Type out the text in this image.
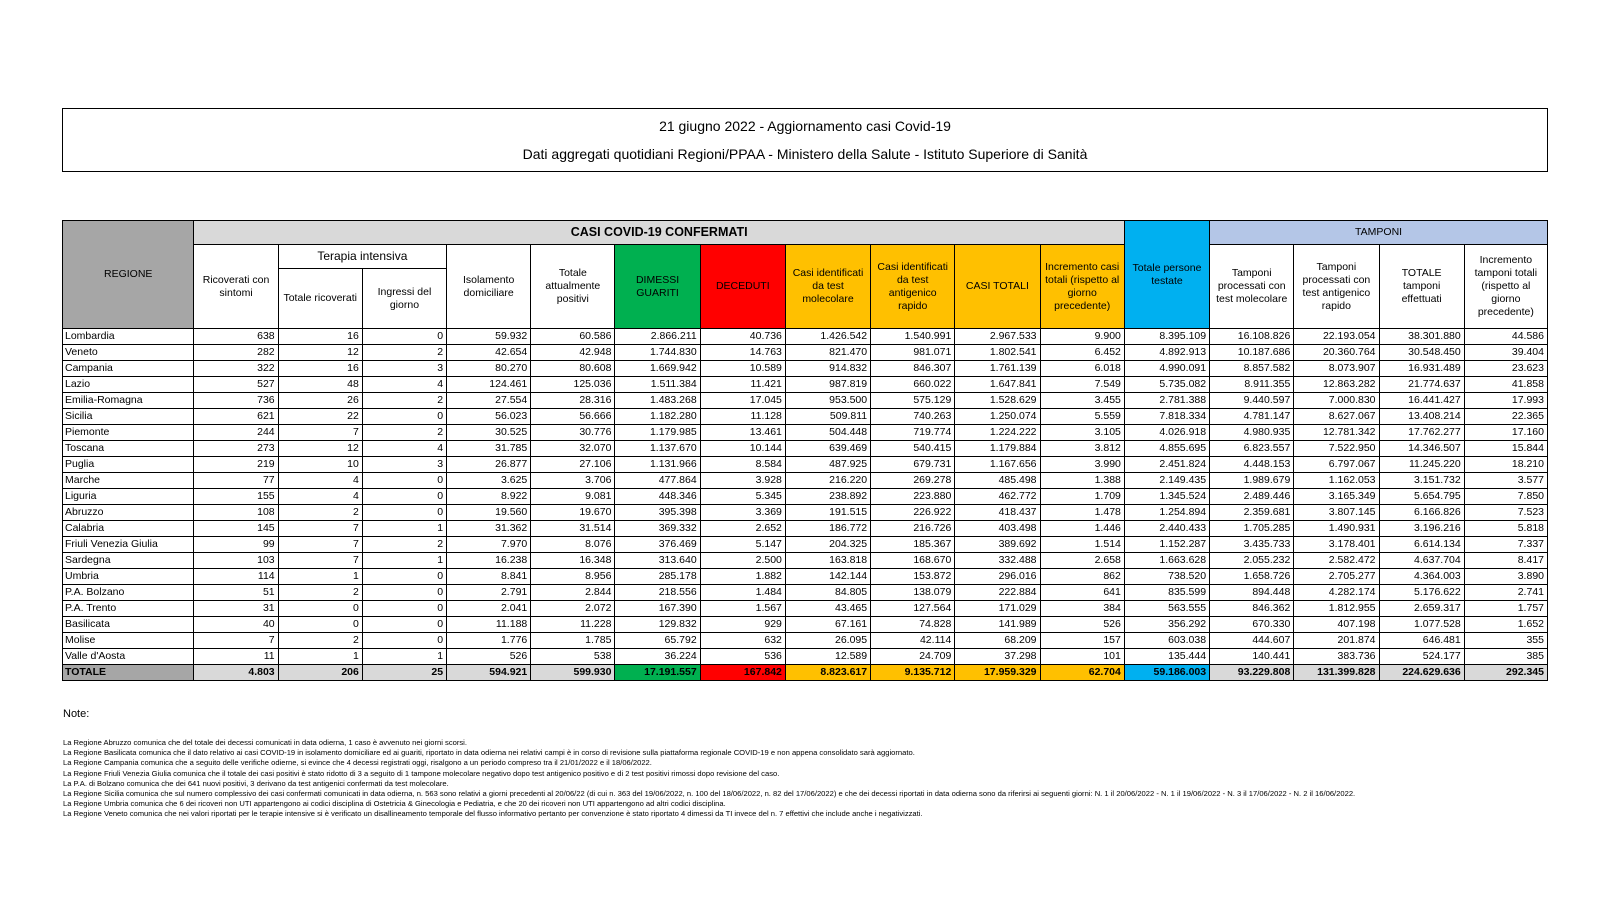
21 giugno 2022 - Aggiornamento casi Covid-19
Dati aggregati quotidiani Regioni/PPAA - Ministero della Salute - Istituto Superiore di Sanità
REGIONE	CASI COVID-19 CONFERMATI											Totale persone testate	TAMPONI			
	Ricoverati con sintomi	Terapia intensiva		Isolamento domiciliare	Totale attualmente positivi	DIMESSI GUARITI	DECEDUTI	Casi identificati da test molecolare	Casi identificati da test antigenico rapido	CASI TOTALI	Incremento casi totali (rispetto al giorno precedente)		Tamponi processati con test molecolare	Tamponi processati con test antigenico rapido	TOTALE tamponi effettuati	Incremento tamponi totali (rispetto al giorno precedente)
		Totale ricoverati	Ingressi del giorno													
Lombardia	638	16	0	59.932	60.586	2.866.211	40.736	1.426.542	1.540.991	2.967.533	9.900	8.395.109	16.108.826	22.193.054	38.301.880	44.586
Veneto	282	12	2	42.654	42.948	1.744.830	14.763	821.470	981.071	1.802.541	6.452	4.892.913	10.187.686	20.360.764	30.548.450	39.404
Campania	322	16	3	80.270	80.608	1.669.942	10.589	914.832	846.307	1.761.139	6.018	4.990.091	8.857.582	8.073.907	16.931.489	23.623
Lazio	527	48	4	124.461	125.036	1.511.384	11.421	987.819	660.022	1.647.841	7.549	5.735.082	8.911.355	12.863.282	21.774.637	41.858
Emilia-Romagna	736	26	2	27.554	28.316	1.483.268	17.045	953.500	575.129	1.528.629	3.455	2.781.388	9.440.597	7.000.830	16.441.427	17.993
Sicilia	621	22	0	56.023	56.666	1.182.280	11.128	509.811	740.263	1.250.074	5.559	7.818.334	4.781.147	8.627.067	13.408.214	22.365
Piemonte	244	7	2	30.525	30.776	1.179.985	13.461	504.448	719.774	1.224.222	3.105	4.026.918	4.980.935	12.781.342	17.762.277	17.160
Toscana	273	12	4	31.785	32.070	1.137.670	10.144	639.469	540.415	1.179.884	3.812	4.855.695	6.823.557	7.522.950	14.346.507	15.844
Puglia	219	10	3	26.877	27.106	1.131.966	8.584	487.925	679.731	1.167.656	3.990	2.451.824	4.448.153	6.797.067	11.245.220	18.210
Marche	77	4	0	3.625	3.706	477.864	3.928	216.220	269.278	485.498	1.388	2.149.435	1.989.679	1.162.053	3.151.732	3.577
Liguria	155	4	0	8.922	9.081	448.346	5.345	238.892	223.880	462.772	1.709	1.345.524	2.489.446	3.165.349	5.654.795	7.850
Abruzzo	108	2	0	19.560	19.670	395.398	3.369	191.515	226.922	418.437	1.478	1.254.894	2.359.681	3.807.145	6.166.826	7.523
Calabria	145	7	1	31.362	31.514	369.332	2.652	186.772	216.726	403.498	1.446	2.440.433	1.705.285	1.490.931	3.196.216	5.818
Friuli Venezia Giulia	99	7	2	7.970	8.076	376.469	5.147	204.325	185.367	389.692	1.514	1.152.287	3.435.733	3.178.401	6.614.134	7.337
Sardegna	103	7	1	16.238	16.348	313.640	2.500	163.818	168.670	332.488	2.658	1.663.628	2.055.232	2.582.472	4.637.704	8.417
Umbria	114	1	0	8.841	8.956	285.178	1.882	142.144	153.872	296.016	862	738.520	1.658.726	2.705.277	4.364.003	3.890
P.A. Bolzano	51	2	0	2.791	2.844	218.556	1.484	84.805	138.079	222.884	641	835.599	894.448	4.282.174	5.176.622	2.741
P.A. Trento	31	0	0	2.041	2.072	167.390	1.567	43.465	127.564	171.029	384	563.555	846.362	1.812.955	2.659.317	1.757
Basilicata	40	0	0	11.188	11.228	129.832	929	67.161	74.828	141.989	526	356.292	670.330	407.198	1.077.528	1.652
Molise	7	2	0	1.776	1.785	65.792	632	26.095	42.114	68.209	157	603.038	444.607	201.874	646.481	355
Valle d'Aosta	11	1	1	526	538	36.224	536	12.589	24.709	37.298	101	135.444	140.441	383.736	524.177	385
TOTALE	4.803	206	25	594.921	599.930	17.191.557	167.842	8.823.617	9.135.712	17.959.329	62.704	59.186.003	93.229.808	131.399.828	224.629.636	292.345
Note:
La Regione Abruzzo comunica che del totale dei decessi comunicati in data odierna, 1 caso è avvenuto nei giorni scorsi.
La Regione Basilicata comunica che il dato relativo ai casi COVID-19 in isolamento domiciliare ed ai guariti, riportato in data odierna nei relativi campi è in corso di revisione sulla piattaforma regionale COVID-19 e non appena consolidato sarà aggiornato.
La Regione Campania comunica che a seguito delle verifiche odierne, si evince che 4 decessi registrati oggi, risalgono a un periodo compreso tra il 21/01/2022 e il 18/06/2022.
La Regione Friuli Venezia Giulia comunica che il totale dei casi positivi è stato ridotto di 3 a seguito di 1 tampone molecolare negativo dopo test antigenico positivo e di 2 test positivi rimossi dopo revisione del caso.
La P.A. di Bolzano comunica che dei 641 nuovi positivi, 3 derivano da test antigenici confermati da test molecolare.
La Regione Sicilia comunica che sul numero complessivo dei casi confermati comunicati in data odierna, n. 563 sono relativi a giorni precedenti al 20/06/22 (di cui n. 363 del 19/06/2022, n. 100 del 18/06/2022, n. 82 del 17/06/2022) e che dei decessi riportati in data odierna sono da riferirsi ai seguenti giorni: N. 1 il 20/06/2022 - N. 1 il 19/06/2022 - N. 3 il 17/06/2022 - N. 2 il 16/06/2022.
La Regione Umbria comunica che 6 dei ricoveri non UTI appartengono ai codici disciplina di Ostetricia & Ginecologia e Pediatria, e che 20 dei ricoveri non UTI appartengono ad altri codici disciplina.
La Regione Veneto comunica che nei valori riportati per le terapie intensive si è verificato un disallineamento temporale del flusso informativo pertanto per convenzione è stato riportato 4 dimessi da TI invece del n. 7 effettivi che include anche i negativizzati.
